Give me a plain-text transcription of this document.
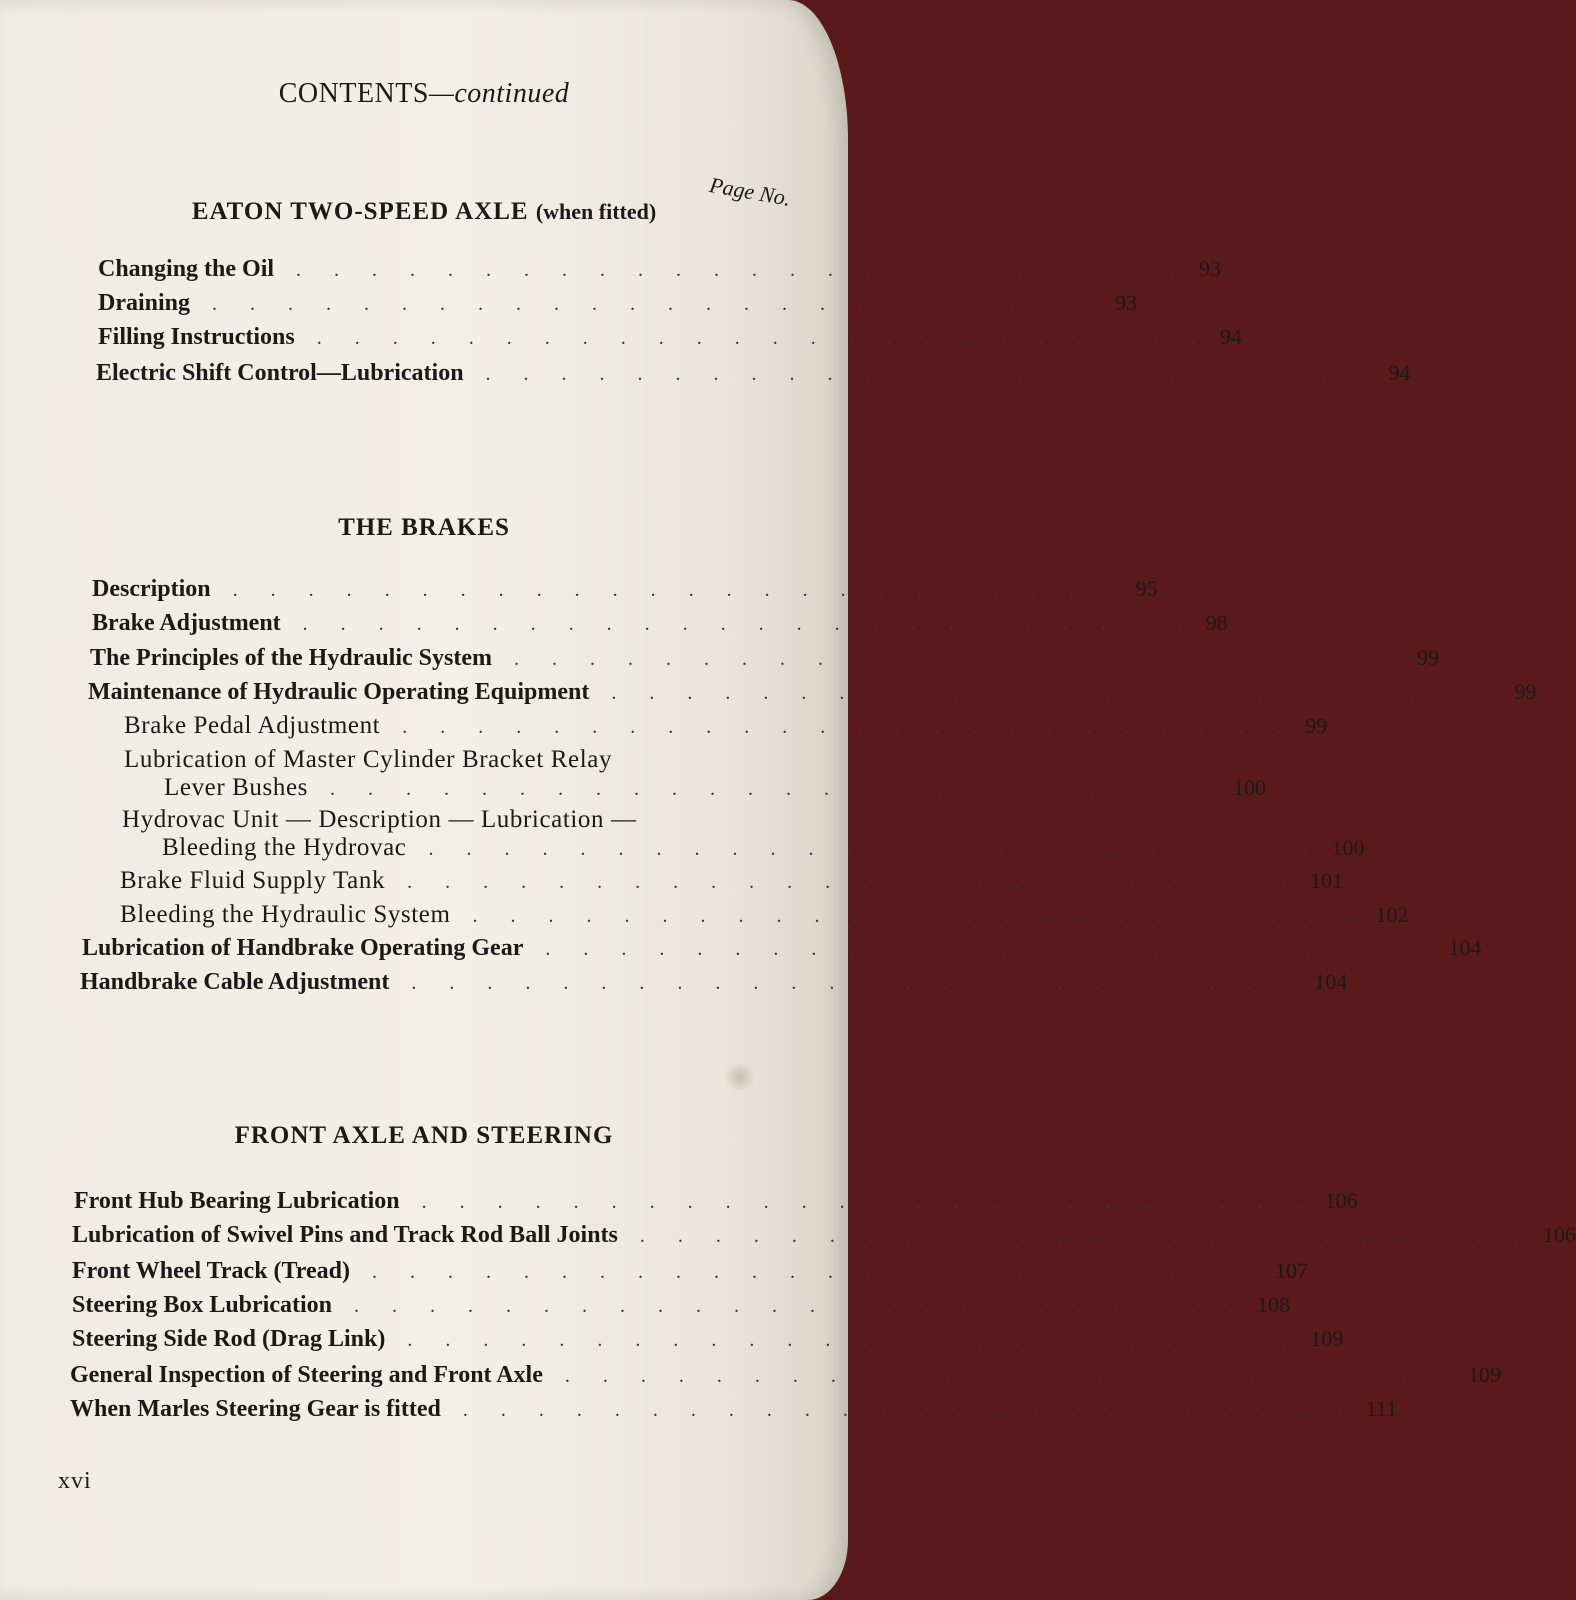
CONTENTS—continued
Page No.
EATON TWO-SPEED AXLE (when fitted)
Changing the Oil	. . . . . . . . . . . . . . . . . . . . . . . . 93
Draining	. . . . . . . . . . . . . . . . . . . . . . . . 93
Filling Instructions	. . . . . . . . . . . . . . . . . . . . . . . . 94
Electric Shift Control—Lubrication	. . . . . . . . . . . . . . . . . . . . . . . . 94
THE BRAKES
Description	. . . . . . . . . . . . . . . . . . . . . . . . 95
Brake Adjustment	. . . . . . . . . . . . . . . . . . . . . . . . 98
The Principles of the Hydraulic System	. . . . . . . . . . . . . . . . . . . . . . . . 99
Maintenance of Hydraulic Operating Equipment	. . . . . . . . . . . . . . . . . . . . . . . . 99
Brake Pedal Adjustment	. . . . . . . . . . . . . . . . . . . . . . . . 99
Lubrication of Master Cylinder Bracket Relay
Lever Bushes	. . . . . . . . . . . . . . . . . . . . . . . . 100
Hydrovac Unit — Description — Lubrication —
Bleeding the Hydrovac	. . . . . . . . . . . . . . . . . . . . . . . . 100
Brake Fluid Supply Tank	. . . . . . . . . . . . . . . . . . . . . . . . 101
Bleeding the Hydraulic System	. . . . . . . . . . . . . . . . . . . . . . . . 102
Lubrication of Handbrake Operating Gear	. . . . . . . . . . . . . . . . . . . . . . . . 104
Handbrake Cable Adjustment	. . . . . . . . . . . . . . . . . . . . . . . . 104
FRONT AXLE AND STEERING
Front Hub Bearing Lubrication	. . . . . . . . . . . . . . . . . . . . . . . . 106
Lubrication of Swivel Pins and Track Rod Ball Joints	. . . . . . . . . . . . . . . . . . . . . . . . 106
Front Wheel Track (Tread)	. . . . . . . . . . . . . . . . . . . . . . . . 107
Steering Box Lubrication	. . . . . . . . . . . . . . . . . . . . . . . . 108
Steering Side Rod (Drag Link)	. . . . . . . . . . . . . . . . . . . . . . . . 109
General Inspection of Steering and Front Axle	. . . . . . . . . . . . . . . . . . . . . . . . 109
When Marles Steering Gear is fitted	. . . . . . . . . . . . . . . . . . . . . . . . 111
xvi
